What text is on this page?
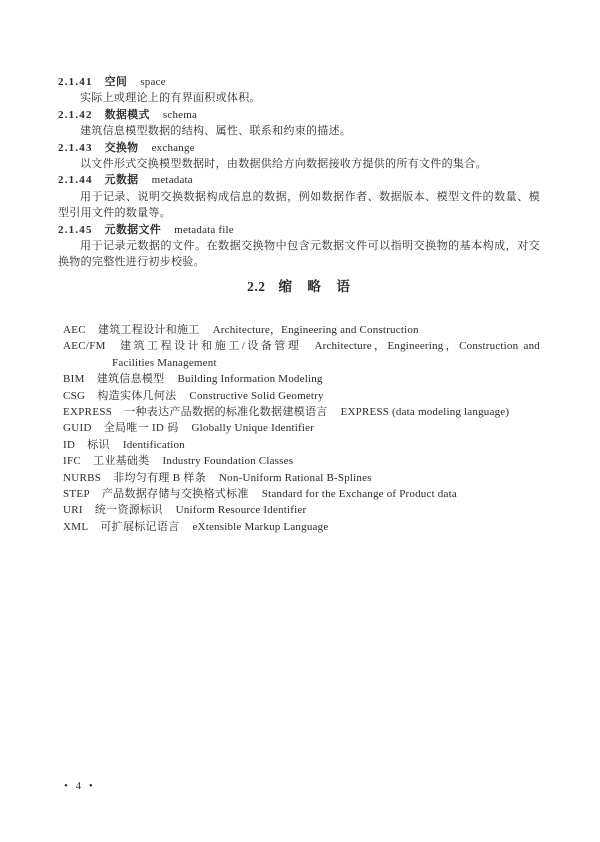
2.1.41 空间 space

实际上或理论上的有界面积或体积。

2.1.42 数据模式 schema

建筑信息模型数据的结构、属性、联系和约束的描述。

2.1.43 交换物 exchange

以文件形式交换模型数据时，由数据供给方向数据接收方提供的所有文件的集合。

2.1.44 元数据 metadata

用于记录、说明交换数据构成信息的数据，例如数据作者、数据版本、模型文件的数量、模型引用文件的数量等。

2.1.45 元数据文件 metadata file

用于记录元数据的文件。在数据交换物中包含元数据文件可以指明交换物的基本构成，对交换物的完整性进行初步校验。

2.2 缩　略　语
AEC 建筑工程设计和施工 Architecture，Engineering and Construction
AEC/FM 建筑工程设计和施工/设备管理 Architecture，Engineering，Construction and Facilities Management
BIM 建筑信息模型 Building Information Modeling
CSG 构造实体几何法 Constructive Solid Geometry
EXPRESS 一种表达产品数据的标准化数据建模语言 EXPRESS (data modeling language)
GUID 全局唯一 ID 码 Globally Unique Identifier
ID 标识 Identification
IFC 工业基础类 Industry Foundation Classes
NURBS 非均匀有理 B 样条 Non-Uniform Rational B-Splines
STEP 产品数据存储与交换格式标准 Standard for the Exchange of Product data
URI 统一资源标识 Uniform Resource Identifier
XML 可扩展标记语言 eXtensible Markup Language
• 4 •
